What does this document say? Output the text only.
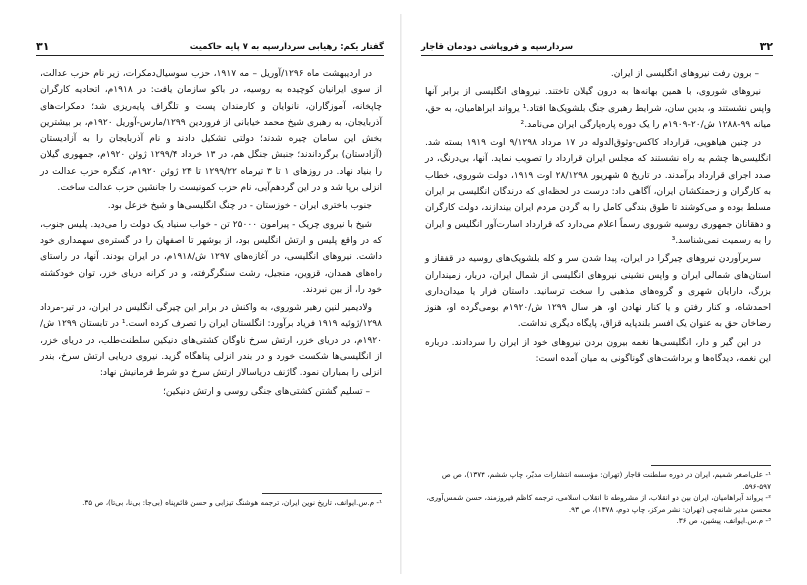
گفتار یکم: رهیابی سردارسپه به ۷ پایه حاکمیت
۳۱

در اردیبهشت ماه ۱۲۹۶/آوریل – مه ۱۹۱۷، حزب سوسیال‌دمکرات، زیر نام حزب عدالت، از سوی ایرانیان کوچیده به روسیه، در باکو سازمان یافت: در ۱۹۱۸م، اتحادیه کارگران چاپخانه، آموزگاران، نانوایان و کارمندان پست و تلگراف پایه‌ریزی شد؛ دمکرات‌های آذربایجان، به رهبری شیخ محمد خیابانی از فروردین ۱۲۹۹/مارس-آوریل ۱۹۲۰م، بر بیشترین بخش این سامان چیره شدند؛ دولتی تشکیل دادند و نام آذربایجان را به آزادیستان (آزادستان) برگرداندند؛ جنبش جنگل هم، در ۱۳ خرداد ۱۲۹۹/۴ ژوئن ۱۹۲۰م، جمهوری گیلان را بنیاد نهاد. در روزهای ۱ تا ۳ تیرماه ۱۲۹۹/۲۲ تا ۲۴ ژوئن ۱۹۲۰م، کنگره حزب عدالت در انزلی برپا شد و در این گردهم‌آیی، نام حزب کمونیست را جانشین حزب عدالت ساخت.

جنوب باختری ایران - خوزستان - در چنگ انگلیسی‌ها و شیخ خزعل بود.

شیخ با نیروی چریک - پیرامون ۲۵۰۰۰ تن - خواب سنیاد یک دولت را می‌دید. پلیس جنوب، که در واقع پلیس و ارتش انگلیس بود، از بوشهر تا اصفهان را در گستره‌ی سهمداری خود داشت. نیروهای انگلیسی، در آغازه‌های ۱۲۹۷ ش/۱۹۱۸م، در ایران بودند. آنها، در راستای راه‌های همدان، قزوین، منجیل، رشت سنگرگرفته، و در کرانه دریای خزر، توان خودکشته خود را، از بین نبردند.

ولادیمیر لنین رهبر شوروی، به واکنش در برابر این چیرگی انگلیس در ایران، در تیر-مرداد ۱۲۹۸/ژوئیه ۱۹۱۹ فریاد برآورد: انگلستان ایران را تصرف کرده است.¹ در تابستان ۱۲۹۹ ش/۱۹۲۰م، در دریای خزر، ارتش سرخ ناوگان کشتی‌های دنیکین سلطنت‌طلب، در دریای خزر، از انگلیسی‌ها شکست خورد و در بندر انزلی پناهگاه گزید. نیروی دریایی ارتش سرخ، بندر انزلی را بمباران نمود. گاژنف دریاسالار ارتش سرخ دو شرط فرمانیش نهاد:

– تسلیم گشتن کشتی‌های جنگی روسی و ارتش دنیکین؛

¹- م.س.ایوانف، تاریخ نوین ایران، ترجمه هوشنگ تیزابی و حسن قائم‌پناه (بی‌جا: بی‌نا، بی‌تا)، ص ۳۵.
۳۲
سردارسپه و فروپاشی دودمان قاجار

– برون رفت نیروهای انگلیسی از ایران.

نیروهای شوروی، با همین بهانه‌ها به درون گیلان تاختند. نیروهای انگلیسی از برابر آنها واپس نشستند و، بدین سان، شرایط رهبری جنگ بلشویک‌ها افتاد.¹ یرواند ابراهامیان، به حق، میانه ۹۹-۱۲۸۸ ش/۲۰-۱۹۰۹م را یک دوره پاره‌پارگی ایران می‌نامد.²

در چنین هیاهویی، قرارداد کاکس-وثوق‌الدوله در ۱۷ مرداد ۹/۱۲۹۸ اوت ۱۹۱۹ بسته شد. انگلیسی‌ها چشم به راه نشستند که مجلس ایران قرارداد را تصویب نماید. آنها، بی‌درنگ، در صدد اجرای قرارداد برآمدند. در تاریخ ۵ شهریور ۲۸/۱۲۹۸ اوت ۱۹۱۹، دولت شوروی، خطاب به کارگران و زحمتکشان ایران، آگاهی داد: درست در لحظه‌ای که درندگان انگلیسی بر ایران مسلط بوده و می‌کوشند تا طوق بندگی کامل را به گردن مردم ایران بیندازند، دولت کارگران و دهقانان جمهوری روسیه شوروی رسماً اعلام می‌دارد که قرارداد اسارت‌آور انگلیس و ایران را به رسمیت نمی‌شناسد.³

سربرآوردن نیروهای چیرگرا در ایران، پیدا شدن سر و کله بلشویک‌های روسیه در قفقاز و استان‌های شمالی ایران و واپس نشینی نیروهای انگلیسی از شمال ایران، دربار، زمینداران بزرگ، دارایان شهری و گروه‌های مذهبی را سخت ترسانید. داستان فرار یا میدان‌داری احمدشاه، و کنار رفتن و یا کنار نهادن او، هر سال ۱۲۹۹ ش/۱۹۲۰م بومی‌گرده او، هنوز رضاخان حق به عنوان یک افسر بلندپایه قزاق، پایگاه دیگری نداشت.

در این گیر و دار، انگلیسی‌ها نغمه بیرون بردن نیروهای خود از ایران را سردادند. درباره این نغمه، دیدگاه‌ها و برداشت‌های گوناگونی به میان آمده است:

¹- علی‌اصغر شمیم، ایران در دوره سلطنت قاجار (تهران: مؤسسه انتشارات مدبّر، چاپ ششم، ۱۳۷۴)، ص ص ۵۹۷-۵۹۶.
²- یرواند آبراهامیان، ایران بین دو انقلاب، از مشروطه تا انقلاب اسلامی، ترجمه کاظم فیروزمند، حسن شمس‌آوری، محسن مدیر شانه‌چی (تهران: نشر مرکز، چاپ دوم، ۱۳۷۸)، ص ۹۳.
³- م.س.ایوانف، پیشین، ص ۳۶.
